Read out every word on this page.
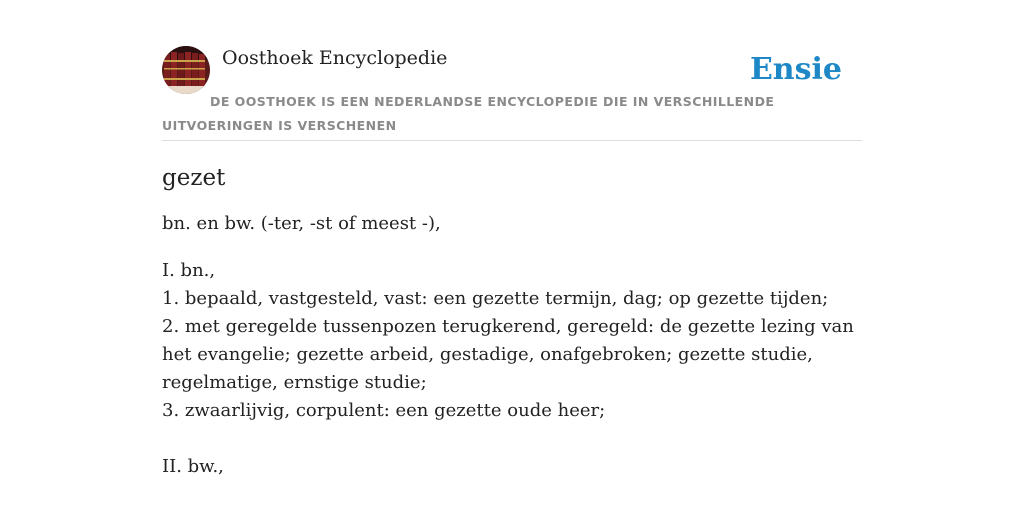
Oosthoek Encyclopedie	Ensie
DE OOSTHOEK IS EEN NEDERLANDSE ENCYCLOPEDIE DIE IN VERSCHILLENDE UITVOERINGEN IS VERSCHENEN
gezet
bn. en bw. (-ter, -st of meest -),
I. bn.,
1. bepaald, vastgesteld, vast: een gezette termijn, dag; op gezette tijden;
2. met geregelde tussenpozen terugkerend, geregeld: de gezette lezing van het evangelie; gezette arbeid, gestadige, onafgebroken; gezette studie, regelmatige, ernstige studie;
3. zwaarlijvig, corpulent: een gezette oude heer;
II. bw.,
